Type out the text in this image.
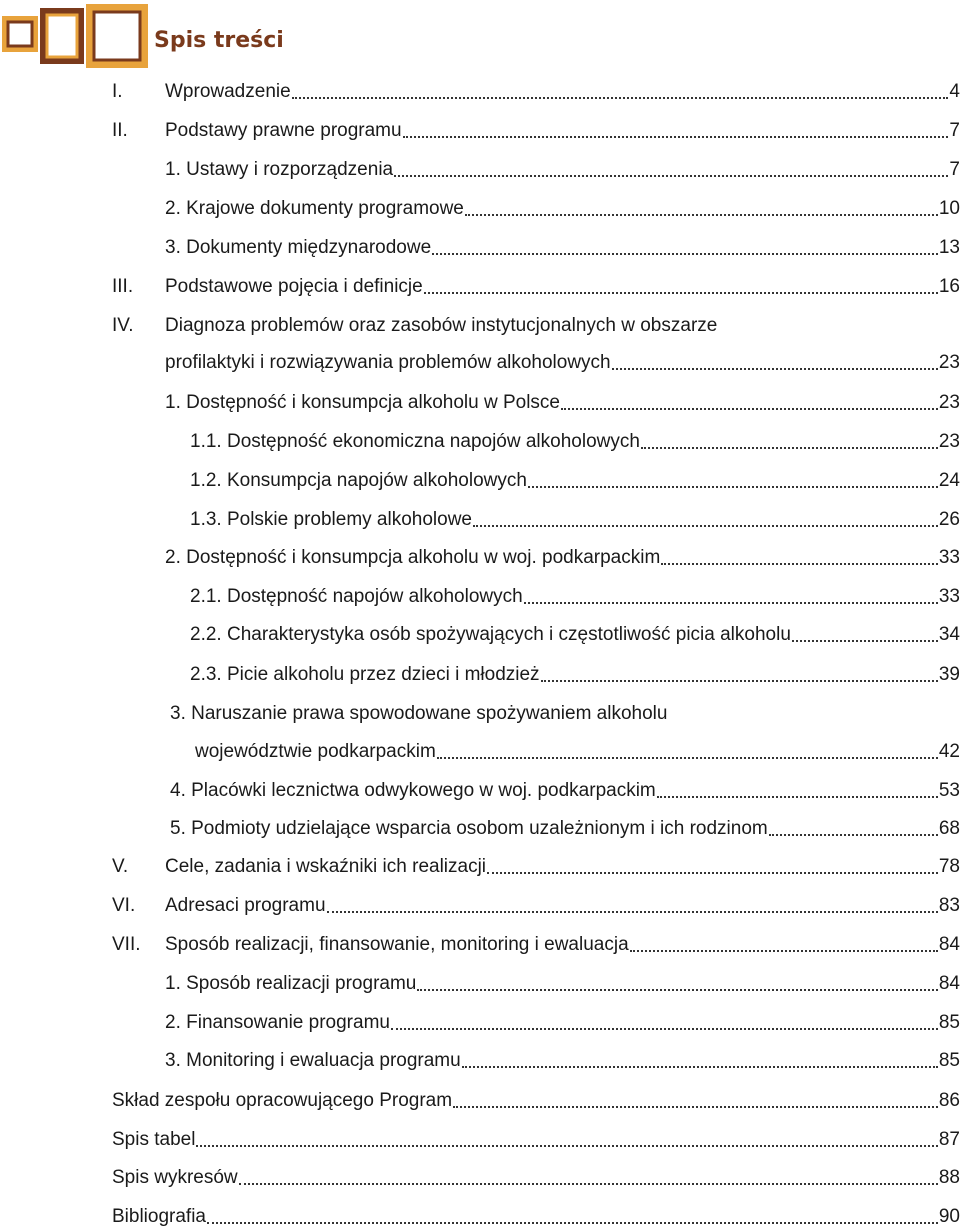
Spis treści
I. Wprowadzenie	4
II. Podstawy prawne programu	7
1. Ustawy i rozporządzenia	7
2. Krajowe dokumenty programowe	10
3. Dokumenty międzynarodowe	13
III. Podstawowe pojęcia i definicje	16
IV. Diagnoza problemów oraz zasobów instytucjonalnych w obszarze
profilaktyki i rozwiązywania problemów alkoholowych	23
1. Dostępność i konsumpcja alkoholu w Polsce	23
1.1. Dostępność ekonomiczna napojów alkoholowych	23
1.2. Konsumpcja napojów alkoholowych	24
1.3. Polskie problemy alkoholowe	26
2. Dostępność i konsumpcja alkoholu w woj. podkarpackim	33
2.1. Dostępność napojów alkoholowych	33
2.2. Charakterystyka osób spożywających i częstotliwość picia alkoholu	34
2.3. Picie alkoholu przez dzieci i młodzież	39
3. Naruszanie prawa spowodowane spożywaniem alkoholu
województwie podkarpackim	42
4. Placówki lecznictwa odwykowego w woj. podkarpackim	53
5. Podmioty udzielające wsparcia osobom uzależnionym i ich rodzinom	68
V. Cele, zadania i wskaźniki ich realizacji	78
VI. Adresaci programu	83
VII. Sposób realizacji, finansowanie, monitoring i ewaluacja	84
1. Sposób realizacji programu	84
2. Finansowanie programu	85
3. Monitoring i ewaluacja programu	85
Skład zespołu opracowującego Program	86
Spis tabel	87
Spis wykresów	88
Bibliografia	90
